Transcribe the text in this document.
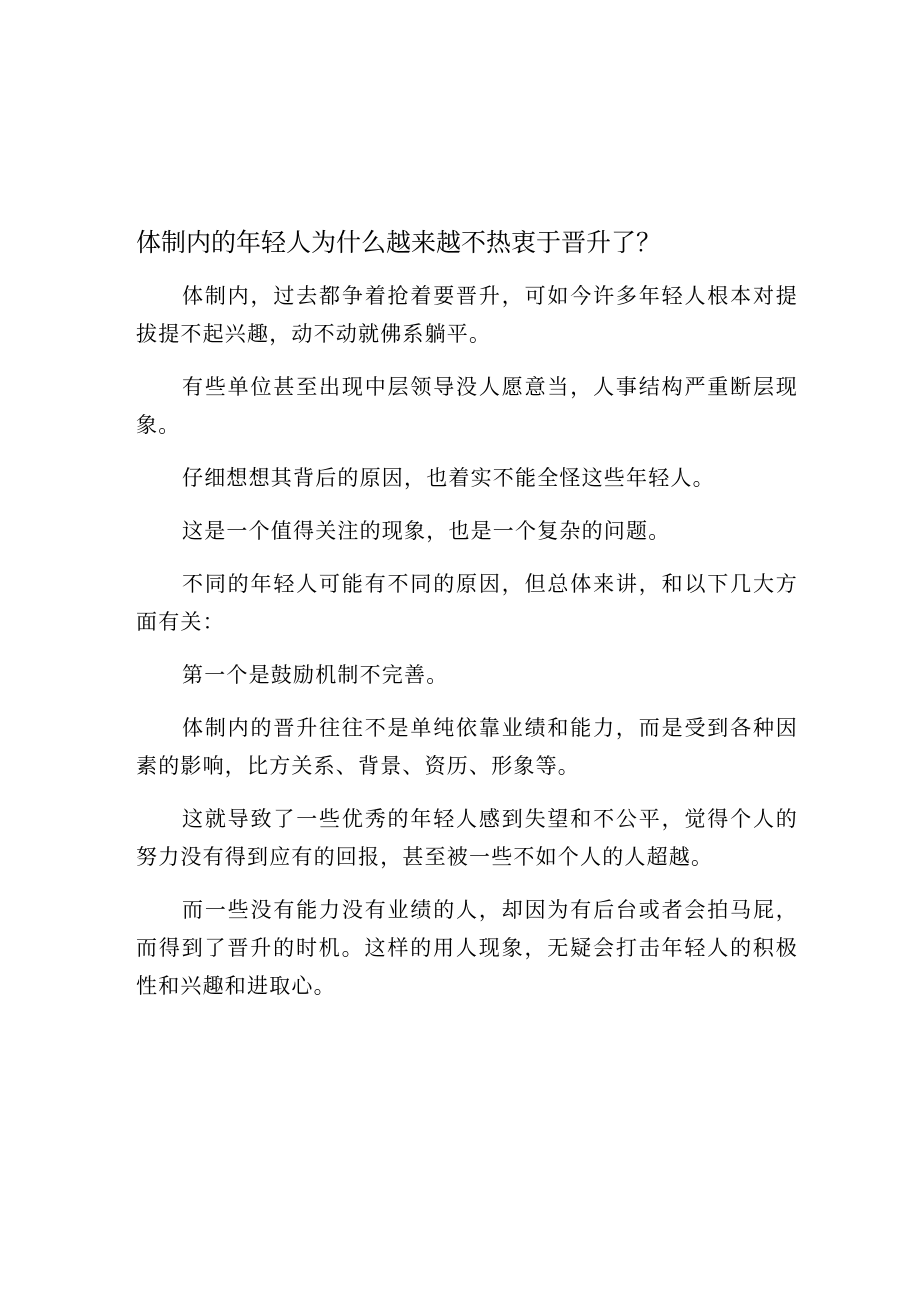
体制内的年轻人为什么越来越不热衷于晋升了？

体制内，过去都争着抢着要晋升，可如今许多年轻人根本对提拔提不起兴趣，动不动就佛系躺平。

有些单位甚至出现中层领导没人愿意当，人事结构严重断层现象。

仔细想想其背后的原因，也着实不能全怪这些年轻人。

这是一个值得关注的现象，也是一个复杂的问题。

不同的年轻人可能有不同的原因，但总体来讲，和以下几大方面有关：

第一个是鼓励机制不完善。

体制内的晋升往往不是单纯依靠业绩和能力，而是受到各种因素的影响，比方关系、背景、资历、形象等。

这就导致了一些优秀的年轻人感到失望和不公平，觉得个人的努力没有得到应有的回报，甚至被一些不如个人的人超越。

而一些没有能力没有业绩的人，却因为有后台或者会拍马屁，而得到了晋升的时机。这样的用人现象，无疑会打击年轻人的积极性和兴趣和进取心。
